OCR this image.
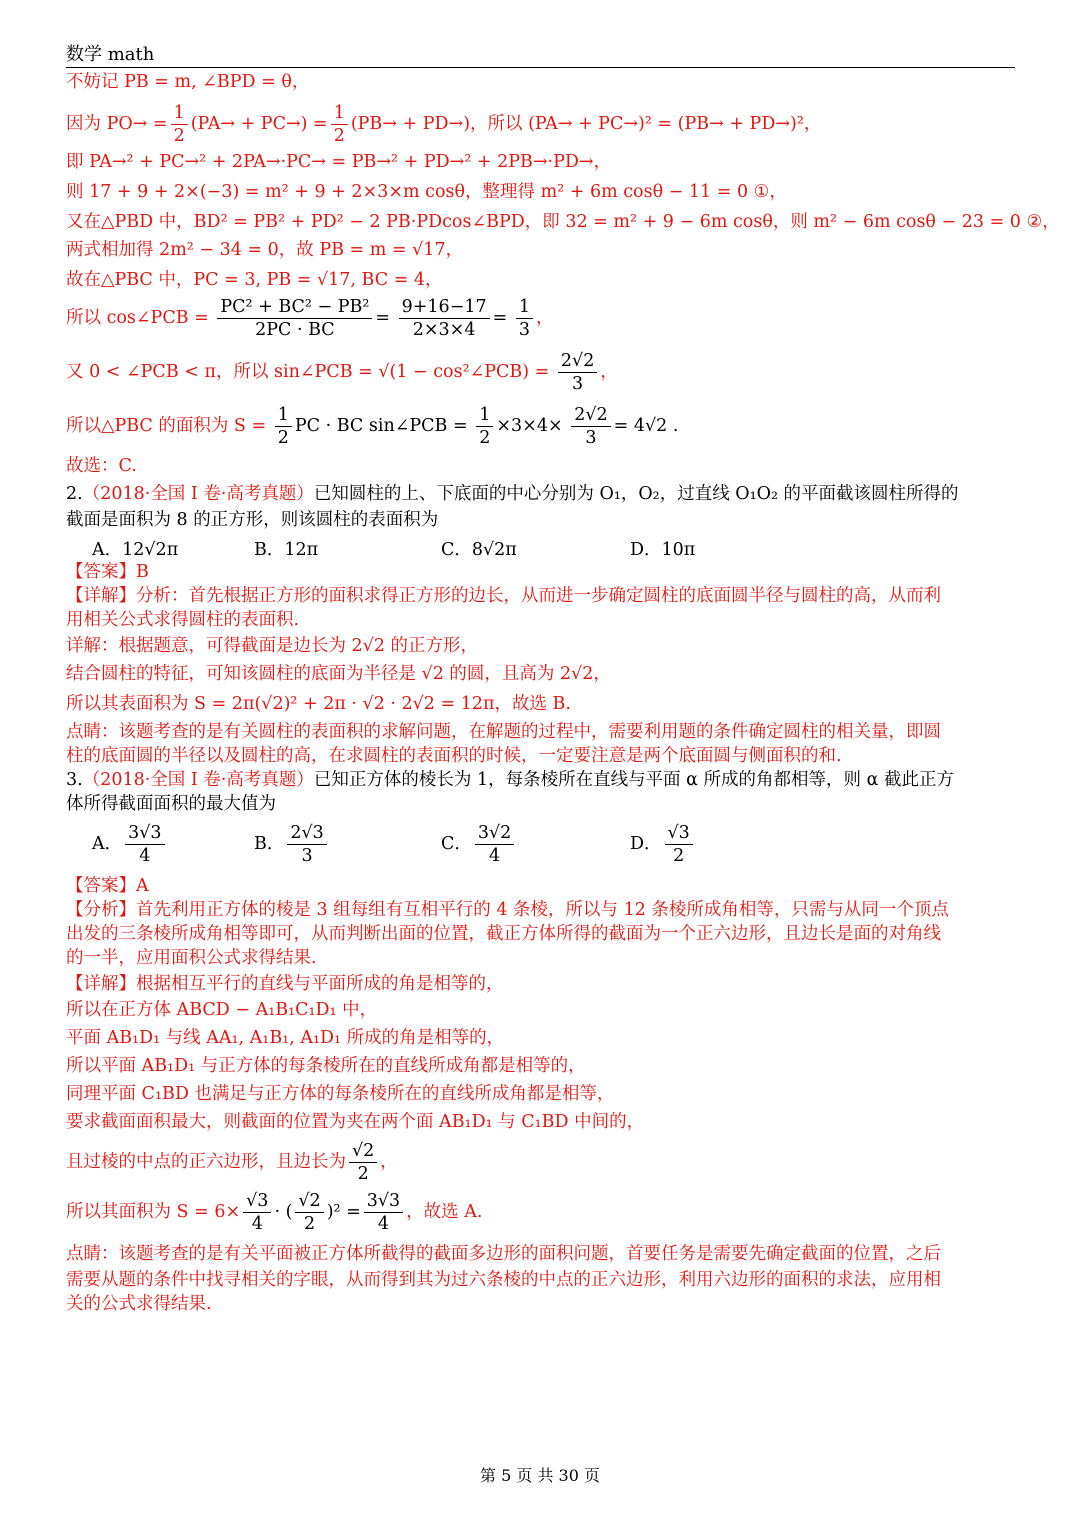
数学 math
不妨记 PB = m, ∠BPD = θ，
因为 $PO\to = \frac{1}{2} (PA\to + PC\to) = \frac{1}{2} (PB\to + PD\to)$，所以 (PA→ + PC→)² = (PB→ + PD→)²，
即 PA→² + PC→² + 2PA→·PC→ = PB→² + PD→² + 2PB→·PD→，
则 17 + 9 + 2×(−3) = m² + 9 + 2×3×m cosθ，整理得 m² + 6m cosθ − 11 = 0 ①，
又在△PBD 中，BD² = PB² + PD² − 2 PB·PDcos∠BPD，即 32 = m² + 9 − 6m cosθ，则 m² − 6m cosθ − 23 = 0 ②，
两式相加得 2m² − 34 = 0，故 PB = m = √17，
故在△PBC 中，PC = 3, PB = √17, BC = 4，
所以 cos∠PCB = $\frac{\text{PC² + BC² − PB²}}{2PC \cdot BC} = \frac{9+16-17}{2\times 3\times 4} = \frac{1}{3}$ ，
又 0 < ∠PCB < π，所以 sin∠PCB = √(1 − cos²∠PCB) = $\frac{2√2}{3}$ ，
所以△PBC 的面积为 $S = \frac{1}{2}$ PC · BC sin∠PCB = $\frac{1}{2} \times 3\times 4\times \frac{2√2}{3} = 4√2$ .
故选：C.
2.（2018·全国 I 卷·高考真题）已知圆柱的上、下底面的中心分别为 O₁，O₂，过直线 O₁O₂ 的平面截该圆柱所得的
截面是面积为 8 的正方形，则该圆柱的表面积为
A．12√2π	B．12π	C．8√2π	D．10π
【答案】B
【详解】分析：首先根据正方形的面积求得正方形的边长，从而进一步确定圆柱的底面圆半径与圆柱的高，从而利
用相关公式求得圆柱的表面积.
详解：根据题意，可得截面是边长为 2√2 的正方形，
结合圆柱的特征，可知该圆柱的底面为半径是 √2 的圆，且高为 2√2，
所以其表面积为 S = 2π(√2)² + 2π · √2 · 2√2 = 12π，故选 B.
点睛：该题考查的是有关圆柱的表面积的求解问题，在解题的过程中，需要利用题的条件确定圆柱的相关量，即圆
柱的底面圆的半径以及圆柱的高，在求圆柱的表面积的时候，一定要注意是两个底面圆与侧面积的和.
3.（2018·全国 I 卷·高考真题）已知正方体的棱长为 1，每条棱所在直线与平面 α 所成的角都相等，则 α 截此正方
体所得截面面积的最大值为
A． $\frac{3√3}{4}$	B． $\frac{2√3}{3}$	C． $\frac{3√2}{4}$	D． $\frac{√3}{2}$
【答案】A
【分析】首先利用正方体的棱是 3 组每组有互相平行的 4 条棱，所以与 12 条棱所成角相等，只需与从同一个顶点
出发的三条棱所成角相等即可，从而判断出面的位置，截正方体所得的截面为一个正六边形，且边长是面的对角线
的一半，应用面积公式求得结果.
【详解】根据相互平行的直线与平面所成的角是相等的，
所以在正方体 ABCD − A₁B₁C₁D₁ 中，
平面 AB₁D₁ 与线 AA₁, A₁B₁, A₁D₁ 所成的角是相等的，
所以平面 AB₁D₁ 与正方体的每条棱所在的直线所成角都是相等的，
同理平面 C₁BD 也满足与正方体的每条棱所在的直线所成角都是相等，
要求截面面积最大，则截面的位置为夹在两个面 AB₁D₁ 与 C₁BD 中间的，
且过棱的中点的正六边形，且边长为 $\frac{√2}{2}$ ，
所以其面积为 $S = 6\times \frac{√3}{4}$ · ( $\frac{√2}{2} )^2 = \frac{3√3}{4}$ ，故选 A.
点睛：该题考查的是有关平面被正方体所截得的截面多边形的面积问题，首要任务是需要先确定截面的位置，之后
需要从题的条件中找寻相关的字眼，从而得到其为过六条棱的中点的正六边形，利用六边形的面积的求法，应用相
关的公式求得结果.
第 5 页 共 30 页
